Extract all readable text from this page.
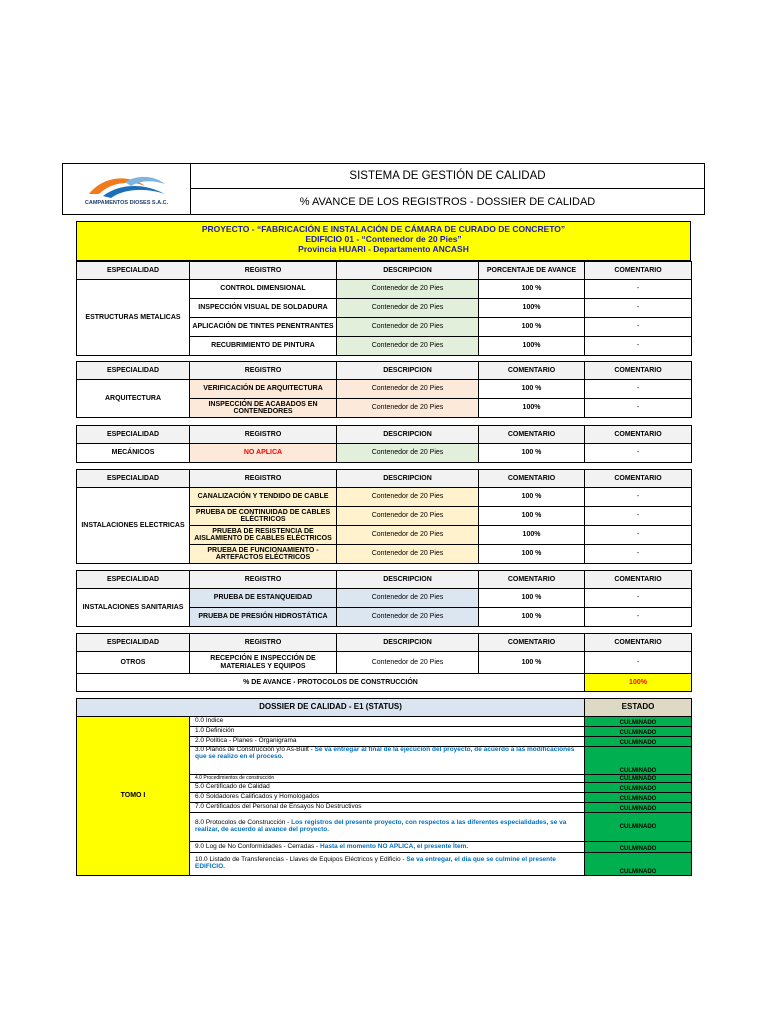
CAMPAMENTOS DIOSES S.A.C.
SISTEMA DE GESTIÓN DE CALIDAD
% AVANCE DE LOS REGISTROS - DOSSIER DE CALIDAD
PROYECTO - “FABRICACIÓN E INSTALACIÓN DE CÁMARA DE CURADO DE CONCRETO”
EDIFICIO 01 - “Contenedor de 20 Pies”
Provincia HUARI - Departamento ANCASH
ESPECIALIDAD	REGISTRO	DESCRIPCION	PORCENTAJE DE AVANCE	COMENTARIO
ESTRUCTURAS METALICAS	CONTROL DIMENSIONAL	Contenedor de 20 Pies	100 %	-
	INSPECCIÓN VISUAL DE SOLDADURA	Contenedor de 20 Pies	100%	-
	APLICACIÓN DE TINTES PENENTRANTES	Contenedor de 20 Pies	100 %	-
	RECUBRIMIENTO DE PINTURA	Contenedor de 20 Pies	100%	-
ESPECIALIDAD	REGISTRO	DESCRIPCION	COMENTARIO	COMENTARIO
ARQUITECTURA	VERIFICACIÓN DE ARQUITECTURA	Contenedor de 20 Pies	100 %	-
	INSPECCIÓN DE ACABADOS EN CONTENEDORES	Contenedor de 20 Pies	100%	-
ESPECIALIDAD	REGISTRO	DESCRIPCION	COMENTARIO	COMENTARIO
MECÁNICOS	NO APLICA	Contenedor de 20 Pies	100 %	-
ESPECIALIDAD	REGISTRO	DESCRIPCION	COMENTARIO	COMENTARIO
INSTALACIONES ELECTRICAS	CANALIZACIÓN Y TENDIDO DE CABLE	Contenedor de 20 Pies	100 %	-
	PRUEBA DE CONTINUIDAD DE CABLES ELÉCTRICOS	Contenedor de 20 Pies	100 %	-
	PRUEBA DE RESISTENCIA DE AISLAMIENTO DE CABLES ELÉCTRICOS	Contenedor de 20 Pies	100%	-
	PRUEBA DE FUNCIONAMIENTO - ARTEFACTOS ELÉCTRICOS	Contenedor de 20 Pies	100 %	-
ESPECIALIDAD	REGISTRO	DESCRIPCION	COMENTARIO	COMENTARIO
INSTALACIONES SANITARIAS	PRUEBA DE ESTANQUEIDAD	Contenedor de 20 Pies	100 %	-
	PRUEBA DE PRESIÓN HIDROSTÁTICA	Contenedor de 20 Pies	100 %	-
ESPECIALIDAD	REGISTRO	DESCRIPCION	COMENTARIO	COMENTARIO
OTROS	RECEPCIÓN E INSPECCIÓN DE MATERIALES Y EQUIPOS	Contenedor de 20 Pies	100 %	-
% DE AVANCE - PROTOCOLOS DE CONSTRUCCIÓN				100%
DOSSIER DE CALIDAD - E1 (STATUS)		ESTADO
TOMO I	0.0 Indice	CULMINADO
	1.0 Definición	CULMINADO
	2.0 Política - Planes - Organigrama	CULMINADO
	3.0 Planos de Construcción y/o As-Built - Se va entregar al final de la ejecución del proyecto, de acuerdo a las modificaciones que se realizo en el proceso.	CULMINADO
	4.0 Procedimientos de construcción	CULMINADO
	5.0 Certificado de Calidad	CULMINADO
	6.0 Soldadores Calificados y Homologados	CULMINADO
	7.0 Certificados del Personal de Ensayos No Destructivos	CULMINADO
	8.0 Protocolos de Construcción - Los registros del presente proyecto, con respectos a las diferentes especialidades, se va realizar, de acuerdo al avance del proyecto.	CULMINADO
	9.0 Log de No Conformidades - Cerradas - Hasta el momento NO APLICA, el presente Ítem.	CULMINADO
	10.0 Listado de Transferencias - Llaves de Equipos Eléctricos y Edificio - Se va entregar, el dia que se culmine el presente EDIFICIO.	CULMINADO
